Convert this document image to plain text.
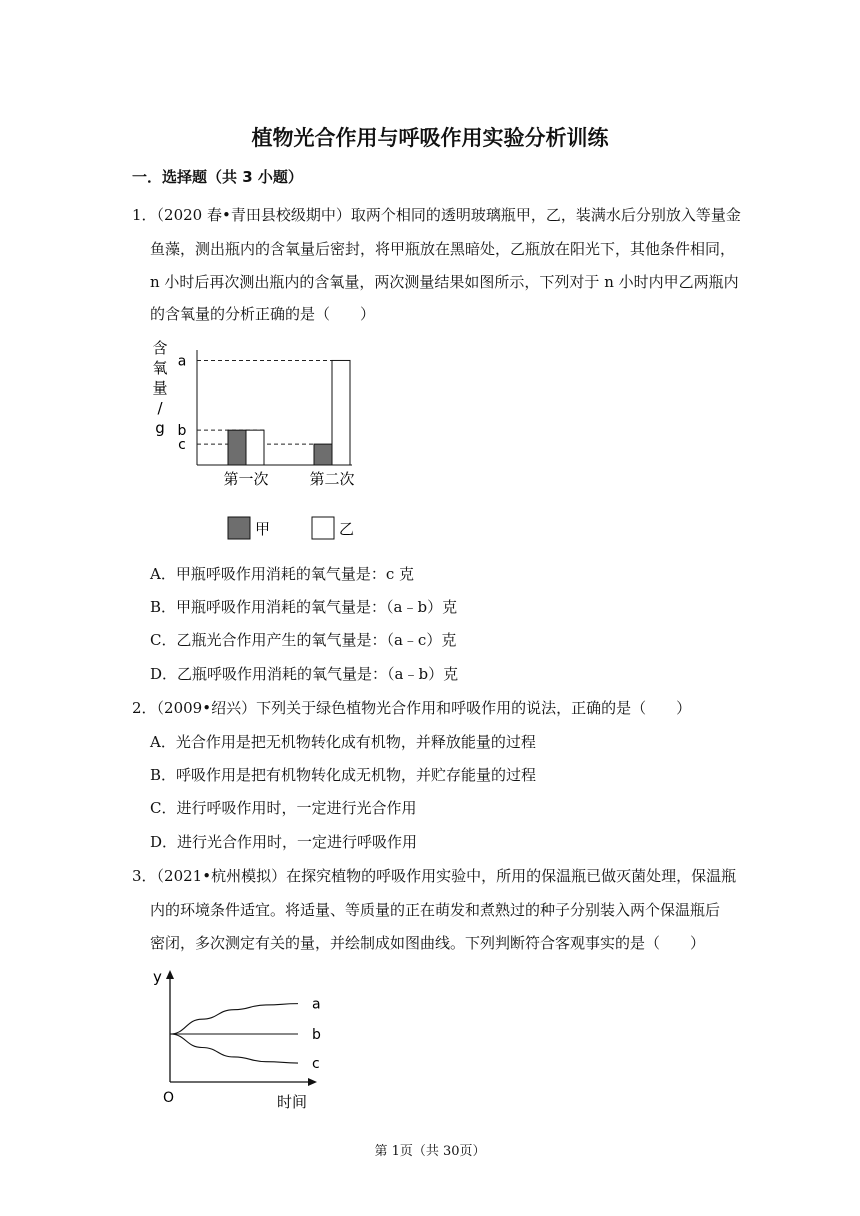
植物光合作用与呼吸作用实验分析训练
一．选择题（共 3 小题）
1．（2020 春•青田县校级期中）取两个相同的透明玻璃瓶甲，乙，装满水后分别放入等量金
鱼藻，测出瓶内的含氧量后密封，将甲瓶放在黑暗处，乙瓶放在阳光下，其他条件相同，
n 小时后再次测出瓶内的含氧量，两次测量结果如图所示，下列对于 n 小时内甲乙两瓶内
的含氧量的分析正确的是（　　）
含
氧
量
/
g
a
b
c
第一次	第二次
甲	乙
A．甲瓶呼吸作用消耗的氧气量是：c 克
B．甲瓶呼吸作用消耗的氧气量是：（a﹣b）克
C．乙瓶光合作用产生的氧气量是：（a﹣c）克
D．乙瓶呼吸作用消耗的氧气量是：（a﹣b）克
2．（2009•绍兴）下列关于绿色植物光合作用和呼吸作用的说法，正确的是（　　）
A．光合作用是把无机物转化成有机物，并释放能量的过程
B．呼吸作用是把有机物转化成无机物，并贮存能量的过程
C．进行呼吸作用时，一定进行光合作用
D．进行光合作用时，一定进行呼吸作用
3．（2021•杭州模拟）在探究植物的呼吸作用实验中，所用的保温瓶已做灭菌处理，保温瓶
内的环境条件适宜。将适量、等质量的正在萌发和煮熟过的种子分别装入两个保温瓶后
密闭，多次测定有关的量，并绘制成如图曲线。下列判断符合客观事实的是（　　）
y
O	时间
a
b
c
第 1页（共 30页）
